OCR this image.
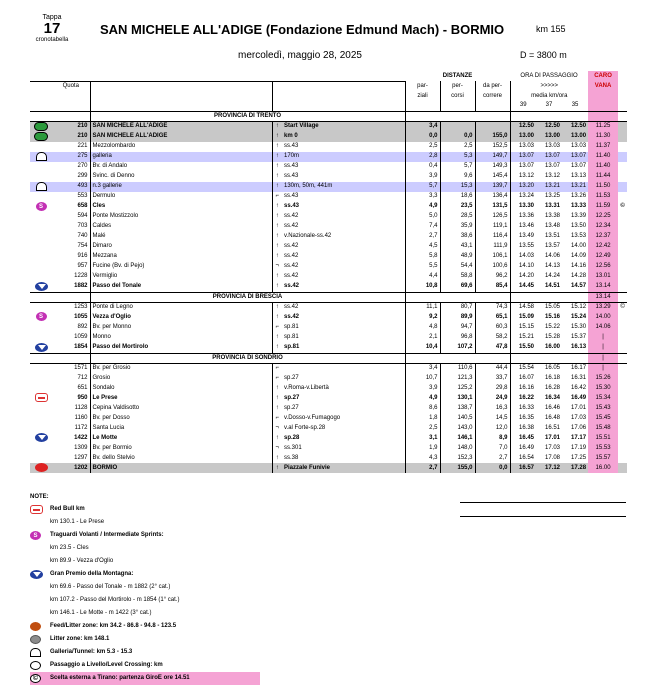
Tappa
17
cronotabella
SAN MICHELE ALL'ADIGE (Fondazione Edmund Mach) - BORMIO	km 155
mercoledì, maggio 28, 2025	D = 3800 m
					DISTANZE			ORA DI PASSAGGIO			CARO	
	Quota				par-	per-	da per-	>>>>>			VANA	
					ziali	corsi	correre	media km/ora				
								39	37	35		
		PROVINCIA DI TRENTO										
	210	SAN MICHELE ALL'ADIGE	↑	Start Village	3,4			12.50	12.50	12.50	11.25	
	210	SAN MICHELE ALL'ADIGE	↑	km 0	0,0	0,0	155,0	13.00	13.00	13.00	11.30	
	221	Mezzolombardo	↑	ss.43	2,5	2,5	152,5	13.03	13.03	13.03	11.37	
	275	galleria	↑	170m	2,8	5,3	149,7	13.07	13.07	13.07	11.40	
	270	Bv. di Andalo	↑	ss.43	0,4	5,7	149,3	13.07	13.07	13.07	11.40	
	299	Svinc. di Denno	↑	ss.43	3,9	9,6	145,4	13.12	13.12	13.13	11.44	
	493	n.3 gallerie	↑	130m, 50m, 441m	5,7	15,3	139,7	13.20	13.21	13.21	11.50	
	553	Dermulo	⌐	ss.43	3,3	18,6	136,4	13.24	13.25	13.26	11.53	
S	658	Cles	↑	ss.43	4,9	23,5	131,5	13.30	13.31	13.33	11.59	©
	594	Ponte Mostizzolo	↑	ss.42	5,0	28,5	126,5	13.36	13.38	13.39	12.25	
	703	Caldes	↑	ss.42	7,4	35,9	119,1	13.46	13.48	13.50	12.34	
	740	Malé	↑	v.Nazionale-ss.42	2,7	38,6	116,4	13.49	13.51	13.53	12.37	
	754	Dimaro	↑	ss.42	4,5	43,1	111,9	13.55	13.57	14.00	12.42	
	916	Mezzana	↑	ss.42	5,8	48,9	106,1	14.03	14.06	14.09	12.49	
	957	Fucine (Bv. di Pejo)	¬	ss.42	5,5	54,4	100,6	14.10	14.13	14.16	12.56	
	1228	Vermiglio	↑	ss.42	4,4	58,8	96,2	14.20	14.24	14.28	13.01	
	1882	Passo del Tonale	↑	ss.42	10,8	69,6	85,4	14.45	14.51	14.57	13.14	
		PROVINCIA DI BRESCIA									13.14	
	1253	Ponte di Legno	↑	ss.42	11,1	80,7	74,3	14.58	15.05	15.12	13.29	©
S	1055	Vezza d'Oglio	↑	ss.42	9,2	89,9	65,1	15.09	15.16	15.24	14.00	
	892	Bv. per Monno	⌐	sp.81	4,8	94,7	60,3	15.15	15.22	15.30	14.06	
	1059	Monno	↑	sp.81	2,1	96,8	58,2	15.21	15.28	15.37	|	
	1854	Passo del Mortirolo	↑	sp.81	10,4	107,2	47,8	15.50	16.00	16.13	|	
		PROVINCIA DI SONDRIO									|	
	1571	Bv. per Grosio	⌐		3,4	110,6	44,4	15.54	16.05	16.17	|	
	712	Grosio	⌐	sp.27	10,7	121,3	33,7	16.07	16.18	16.31	15.26	
	651	Sondalo	↑	v.Roma-v.Libertà	3,9	125,2	29,8	16.16	16.28	16.42	15.30	
	950	Le Prese	↑	sp.27	4,9	130,1	24,9	16.22	16.34	16.49	15.34	
	1128	Cepina Valdisotto	↑	sp.27	8,6	138,7	16,3	16.33	16.46	17.01	15.43	
	1160	Bv. per Dosso	⌐	v.Dosso-v.Fumagogo	1,8	140,5	14,5	16.35	16.48	17.03	15.45	
	1172	Santa Lucia	¬	v.al Forte-sp.28	2,5	143,0	12,0	16.38	16.51	17.06	15.48	
	1422	Le Motte	↑	sp.28	3,1	146,1	8,9	16.45	17.01	17.17	15.51	
	1309	Bv. per Bormio	¬	ss.301	1,9	148,0	7,0	16.49	17.03	17.19	15.53	
	1297	Bv. dello Stelvio	↑	ss.38	4,3	152,3	2,7	16.54	17.08	17.25	15.57	
	1202	BORMIO	↑	Piazzale Funivie	2,7	155,0	0,0	16.57	17.12	17.28	16.00	
NOTE:
Red Bull km
km 130.1 - Le Prese
S	Traguardi Volanti / Intermediate Sprints:
km 23.5 - Cles
km 89.9 - Vezza d'Oglio
Gran Premio della Montagna:
km 69.6 - Passo del Tonale - m 1882 (2° cat.)
km 107.2 - Passo del Mortirolo - m 1854 (1° cat.)
km 146.1 - Le Motte - m 1422 (3° cat.)
Feed/Litter zone: km 34.2 - 86.8 - 94.8 - 123.5
Litter zone: km 148.1
Galleria/Tunnel: km 5.3 - 15.3
Passaggio a Livello/Level Crossing: km
©	Scelta esterna a Tirano: partenza GiroE ore 14.51
